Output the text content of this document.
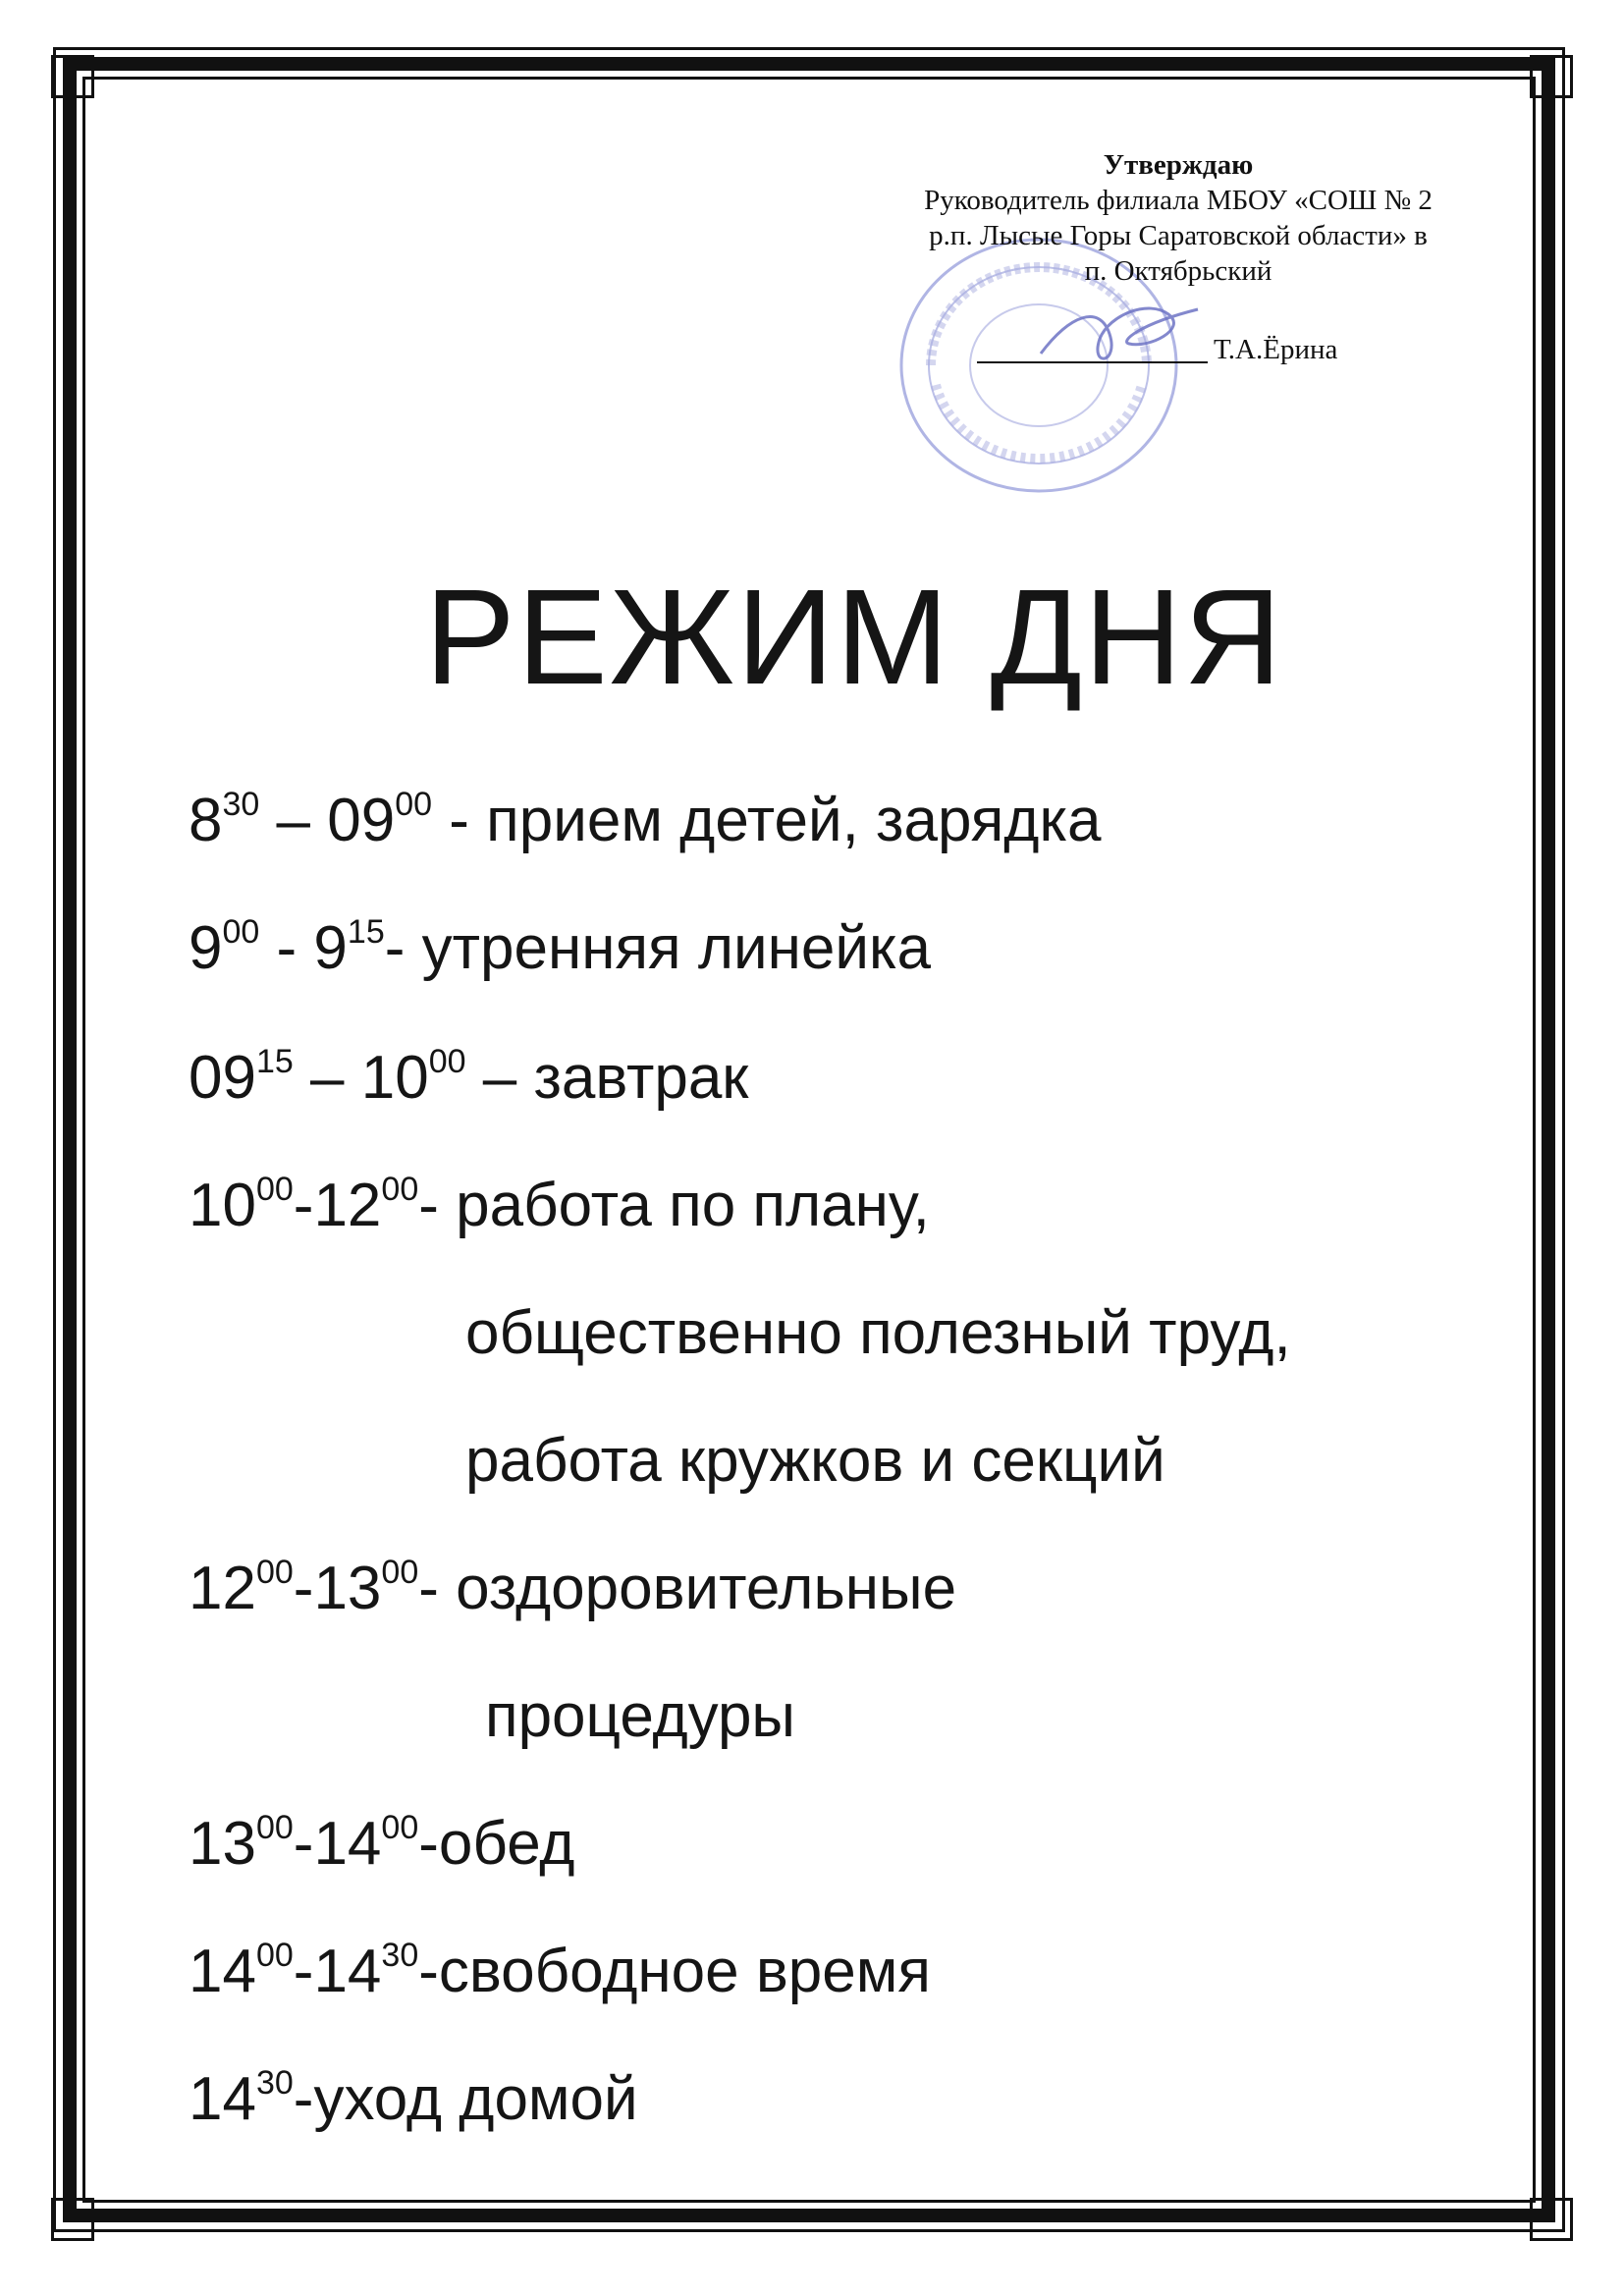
Утверждаю
Руководитель филиала МБОУ «СОШ № 2
р.п. Лысые Горы Саратовской области» в
п. Октябрьский
Т.А.Ёрина
РЕЖИМ ДНЯ
$8^{30} - 09^{00}$ - прием детей, зарядка
$9^{00} - 9^{15}-$ утренняя линейка
$09^{15} - 10^{00}$ – завтрак
$10^{00}-12^{00}-$ работа по плану,
общественно полезный труд,
работа кружков и секций
$12^{00}-13^{00}-$ оздоровительные
процедуры
$13^{00}-14^{00}$-обед
$14^{00}-14^{30}$-свободное время
$14^{30}$-уход домой
